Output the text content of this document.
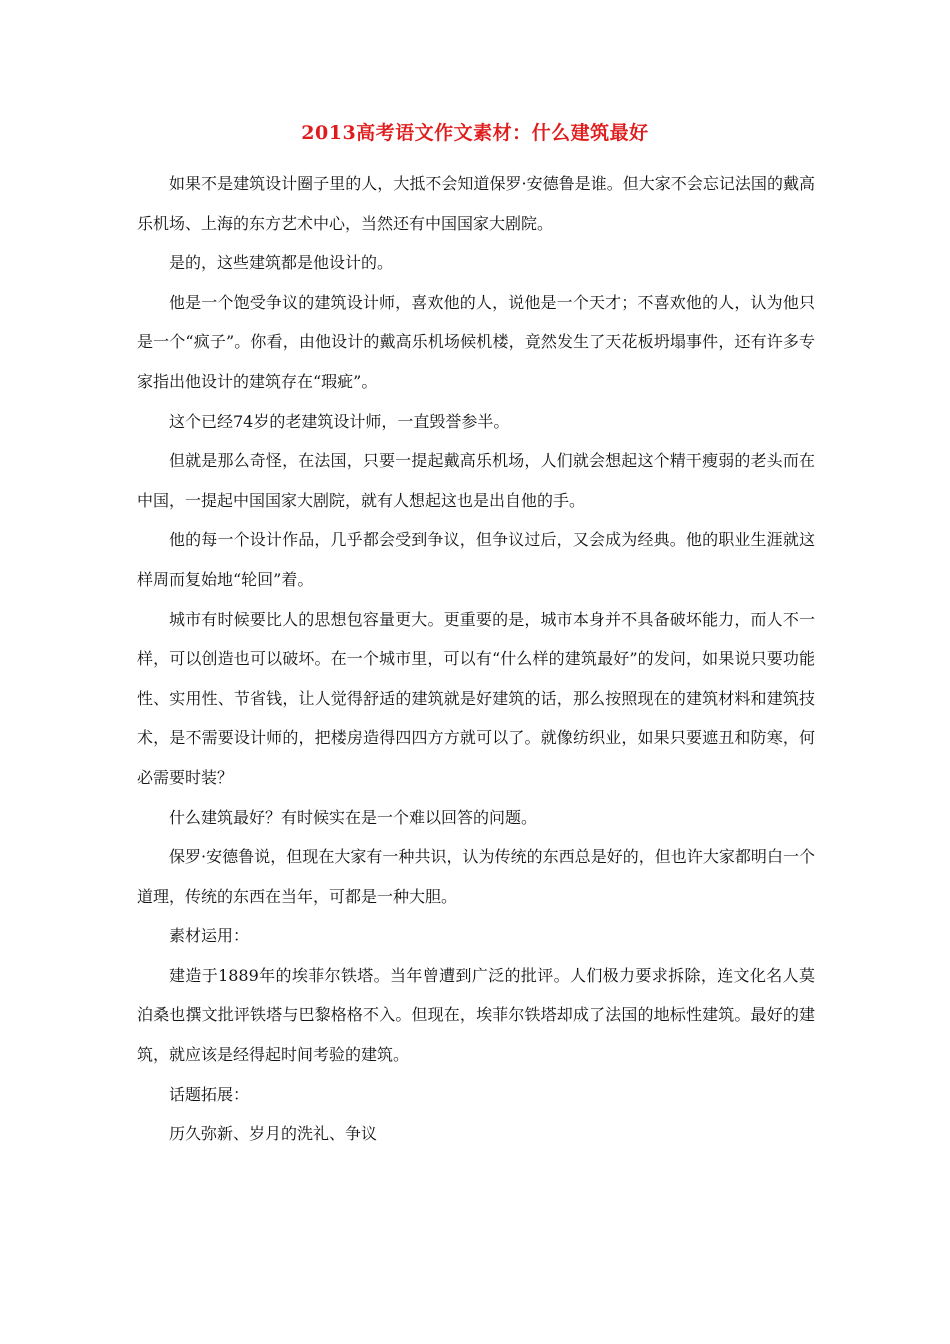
2013高考语文作文素材：什么建筑最好

如果不是建筑设计圈子里的人，大抵不会知道保罗·安德鲁是谁。但大家不会忘记法国的戴高乐机场、上海的东方艺术中心，当然还有中国国家大剧院。

是的，这些建筑都是他设计的。

他是一个饱受争议的建筑设计师，喜欢他的人，说他是一个天才；不喜欢他的人，认为他只是一个“疯子”。你看，由他设计的戴高乐机场候机楼，竟然发生了天花板坍塌事件，还有许多专家指出他设计的建筑存在“瑕疵”。

这个已经74岁的老建筑设计师，一直毁誉参半。

但就是那么奇怪，在法国，只要一提起戴高乐机场，人们就会想起这个精干瘦弱的老头而在中国，一提起中国国家大剧院，就有人想起这也是出自他的手。

他的每一个设计作品，几乎都会受到争议，但争议过后，又会成为经典。他的职业生涯就这样周而复始地“轮回”着。

城市有时候要比人的思想包容量更大。更重要的是，城市本身并不具备破坏能力，而人不一样，可以创造也可以破坏。在一个城市里，可以有“什么样的建筑最好”的发问，如果说只要功能性、实用性、节省钱，让人觉得舒适的建筑就是好建筑的话，那么按照现在的建筑材料和建筑技术，是不需要设计师的，把楼房造得四四方方就可以了。就像纺织业，如果只要遮丑和防寒，何必需要时装？

什么建筑最好？有时候实在是一个难以回答的问题。

保罗·安德鲁说，但现在大家有一种共识，认为传统的东西总是好的，但也许大家都明白一个道理，传统的东西在当年，可都是一种大胆。

素材运用：

建造于1889年的埃菲尔铁塔。当年曾遭到广泛的批评。人们极力要求拆除，连文化名人莫泊桑也撰文批评铁塔与巴黎格格不入。但现在，埃菲尔铁塔却成了法国的地标性建筑。最好的建筑，就应该是经得起时间考验的建筑。

话题拓展：

历久弥新、岁月的洗礼、争议
